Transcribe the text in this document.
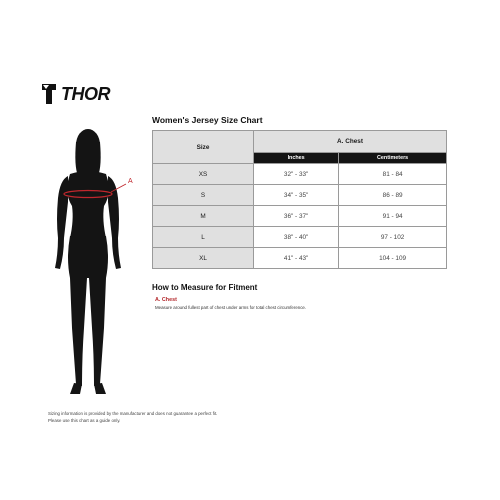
THOR
A
Women's Jersey Size Chart
Size	A. Chest	
	Inches	Centimeters
XS	32" - 33"	81 - 84
S	34" - 35"	86 - 89
M	36" - 37"	91 - 94
L	38" - 40"	97 - 102
XL	41" - 43"	104 - 109
How to Measure for Fitment
A. Chest
Measure around fullest part of chest under arms for total chest circumference.
Sizing information is provided by the manufacturer and does not guarantee a perfect fit.
Please use this chart as a guide only.
